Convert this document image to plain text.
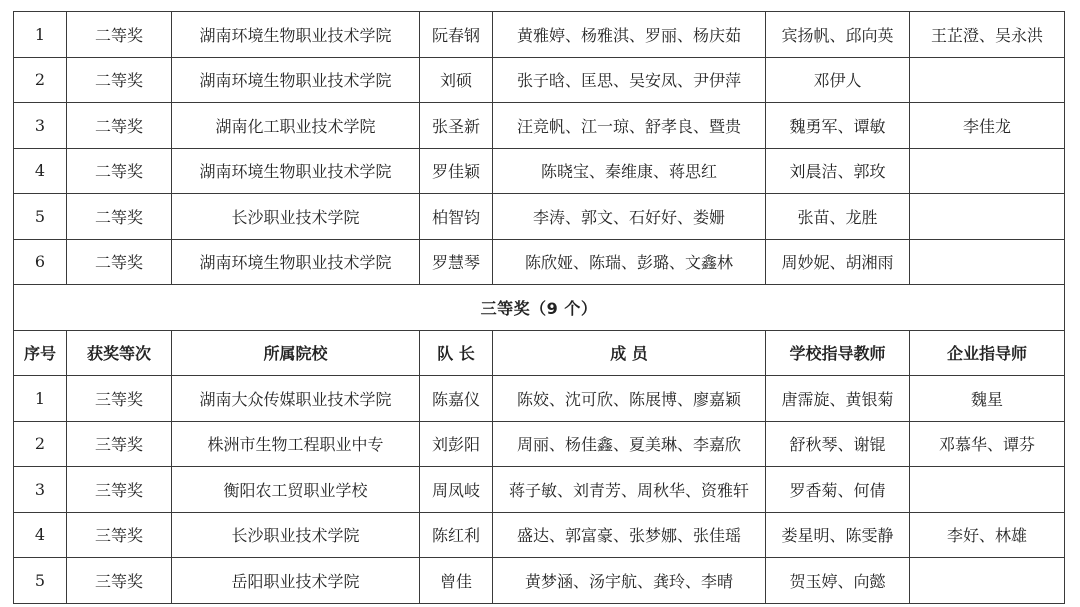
1	二等奖	湖南环境生物职业技术学院	阮春钢	黄雅婷、杨雅淇、罗丽、杨庆茹	宾扬帆、邱向英	王芷澄、吴永洪
2	二等奖	湖南环境生物职业技术学院	刘硕	张子晗、匡思、吴安凤、尹伊萍	邓伊人	
3	二等奖	湖南化工职业技术学院	张圣新	汪竞帆、江一琼、舒孝良、暨贵	魏勇军、谭敏	李佳龙
4	二等奖	湖南环境生物职业技术学院	罗佳颖	陈晓宝、秦维康、蒋思红	刘晨洁、郭玫	
5	二等奖	长沙职业技术学院	柏智钧	李涛、郭文、石好好、娄姗	张苗、龙胜	
6	二等奖	湖南环境生物职业技术学院	罗慧琴	陈欣娅、陈瑞、彭璐、文鑫林	周妙妮、胡湘雨	
三等奖（9 个）						
序号	获奖等次	所属院校	队 长	成 员	学校指导教师	企业指导师
1	三等奖	湖南大众传媒职业技术学院	陈嘉仪	陈姣、沈可欣、陈展博、廖嘉颖	唐霈旋、黄银菊	魏星
2	三等奖	株洲市生物工程职业中专	刘彭阳	周丽、杨佳鑫、夏美琳、李嘉欣	舒秋琴、谢锟	邓慕华、谭芬
3	三等奖	衡阳农工贸职业学校	周凤岐	蒋子敏、刘青芳、周秋华、资雅轩	罗香菊、何倩	
4	三等奖	长沙职业技术学院	陈红利	盛达、郭富豪、张梦娜、张佳瑶	娄星明、陈雯静	李好、林雄
5	三等奖	岳阳职业技术学院	曾佳	黄梦涵、汤宇航、龚玲、李晴	贺玉婷、向懿	
